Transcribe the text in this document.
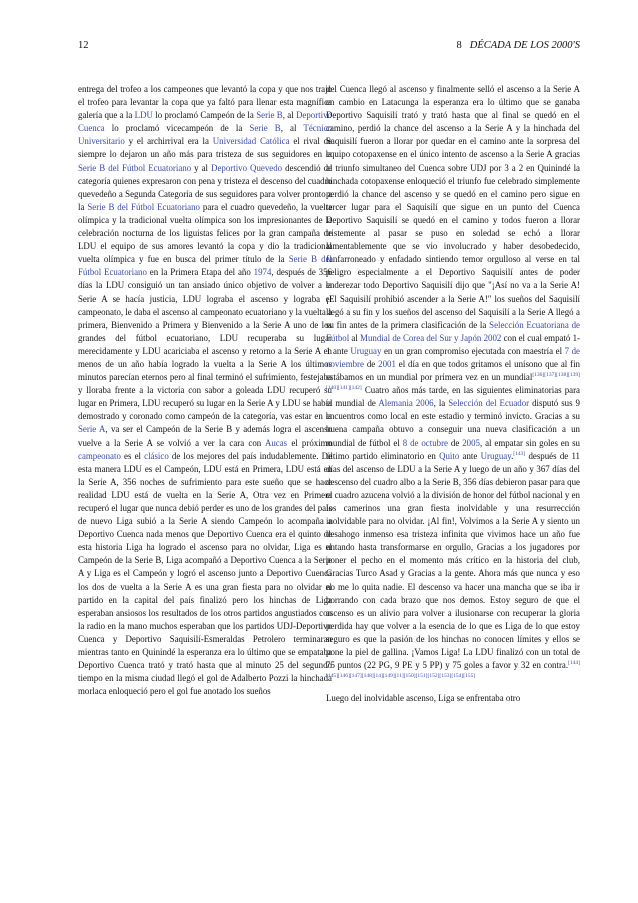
12	8 DÉCADA DE LOS 2000'S

entrega del trofeo a los campeones que levantó la copa y que nos trajo el trofeo para levantar la copa que ya faltó para llenar esta magnífica galería que a la LDU lo proclamó Campeón de la Serie B, al Deportivo Cuenca lo proclamó vicecampeón de la Serie B, al Técnico Universitario y el archirrival era la Universidad Católica el rival de siempre lo dejaron un año más para tristeza de sus seguidores en la Serie B del Fútbol Ecuatoriano y al Deportivo Quevedo descendió de categoría quienes expresaron con pena y tristeza el descenso del cuadro quevedeño a Segunda Categoría de sus seguidores para volver pronto a la Serie B del Fútbol Ecuatoriano para el cuadro quevedeño, la vuelta olímpica y la tradicional vuelta olímpica son los impresionantes de la celebración nocturna de los liguistas felices por la gran campaña de LDU el equipo de sus amores levantó la copa y dio la tradicional vuelta olímpica y fue en busca del primer título de la Serie B del Fútbol Ecuatoriano en la Primera Etapa del año 1974, después de 356 días la LDU consiguió un tan ansiado único objetivo de volver a la Serie A se hacía justicia, LDU lograba el ascenso y lograba el campeonato, le daba el ascenso al campeonato ecuatoriano y la vuelta a primera, Bienvenido a Primera y Bienvenido a la Serie A uno de los grandes del fútbol ecuatoriano, LDU recuperaba su lugar merecidamente y LDU acariciaba el ascenso y retorno a la Serie A en menos de un año había logrado la vuelta a la Serie A los últimos minutos parecían eternos pero al final terminó el sufrimiento, festejaba y lloraba frente a la victoria con sabor a goleada LDU recuperó su lugar en Primera, LDU recuperó su lugar en la Serie A y LDU se había demostrado y coronado como campeón de la categoría, vas estar en la Serie A, va ser el Campeón de la Serie B y además logra el ascenso vuelve a la Serie A se volvió a ver la cara con Aucas el próximo campeonato es el clásico de los mejores del país indudablemente. De esta manera LDU es el Campeón, LDU está en Primera, LDU está en la Serie A, 356 noches de sufrimiento para este sueño que se hace realidad LDU está de vuelta en la Serie A, Otra vez en Primera recuperó el lugar que nunca debió perder es uno de los grandes del país de nuevo Liga subió a la Serie A siendo Campeón lo acompaña a Deportivo Cuenca nada menos que Deportivo Cuenca era el quinto de esta historia Liga ha logrado el ascenso para no olvidar, Liga es el Campeón de la Serie B, Liga acompañó a Deportivo Cuenca a la Serie A y Liga es el Campeón y logró el ascenso junto a Deportivo Cuenca los dos de vuelta a la Serie A es una gran fiesta para no olvidar el partido en la capital del país finalizó pero los hinchas de Liga esperaban ansiosos los resultados de los otros partidos angustiados con la radio en la mano muchos esperaban que los partidos UDJ-Deportivo Cuenca y Deportivo Saquisilí-Esmeraldas Petrolero terminaran mientras tanto en Quinindé la esperanza era lo último que se empataba Deportivo Cuenca trató y trató hasta que al minuto 25 del segundo tiempo en la misma ciudad llegó el gol de Adalberto Pozzi la hinchada morlaca enloqueció pero el gol fue anotado los sueños

del Cuenca llegó al ascenso y finalmente selló el ascenso a la Serie A en cambio en Latacunga la esperanza era lo último que se ganaba Deportivo Saquisilí trató y trató hasta que al final se quedó en el camino, perdió la chance del ascenso a la Serie A y la hinchada del Saquisilí fueron a llorar por quedar en el camino ante la sorpresa del equipo cotopaxense en el único intento de ascenso a la Serie A gracias al triunfo simultaneo del Cuenca sobre UDJ por 3 a 2 en Quinindé la hinchada cotopaxense enloqueció el triunfo fue celebrado simplemente perdió la chance del ascenso y se quedó en el camino pero sigue en tercer lugar para el Saquisilí que sigue en un punto del Cuenca Deportivo Saquisilí se quedó en el camino y todos fueron a llorar tristemente al pasar se puso en soledad se echó a llorar lamentablemente que se vio involucrado y haber desobedecido, fanfarroneado y enfadado sintiendo temor orgulloso al verse en tal peligro especialmente a el Deportivo Saquisilí antes de poder enderezar todo Deportivo Saquisilí dijo que "¡Así no va a la Serie A! ¡El Saquisilí prohibió ascender a la Serie A!" los sueños del Saquisilí llegó a su fin y los sueños del ascenso del Saquisilí a la Serie A llegó a su fin antes de la primera clasificación de la Selección Ecuatoriana de Fútbol al Mundial de Corea del Sur y Japón 2002 con el cual empató 1-1 ante Uruguay en un gran compromiso ejecutada con maestría el 7 de noviembre de 2001 el día en que todos gritamos el unísono que al fin estábamos en un mundial por primera vez en un mundial[136][137][138][139][140][141][142] Cuatro años más tarde, en las siguientes eliminatorias para el mundial de Alemania 2006, la Selección del Ecuador disputó sus 9 encuentros como local en este estadio y terminó invicto. Gracias a su buena campaña obtuvo a conseguir una nueva clasificación a un mundial de fútbol el 8 de octubre de 2005, al empatar sin goles en su último partido eliminatorio en Quito ante Uruguay.[143] después de 11 días del ascenso de LDU a la Serie A y luego de un año y 367 días del descenso del cuadro albo a la Serie B, 356 días debieron pasar para que el cuadro azucena volvió a la división de honor del fútbol nacional y en los camerinos una gran fiesta inolvidable y una resurrección inolvidable para no olvidar. ¡Al fin!, Volvimos a la Serie A y siento un desahogo inmenso esa tristeza infinita que vivimos hace un año fue untando hasta transformarse en orgullo, Gracias a los jugadores por poner el pecho en el momento más crítico en la historia del club, Gracias Turco Asad y Gracias a la gente. Ahora más que nunca y eso no me lo quita nadie. El descenso va hacer una mancha que se iba ir borrando con cada brazo que nos demos. Estoy seguro de que el ascenso es un alivio para volver a ilusionarse con recuperar la gloria perdida hay que volver a la esencia de lo que es Liga de lo que estoy seguro es que la pasión de los hinchas no conocen límites y ellos se pone la piel de gallina. ¡Vamos Liga! La LDU finalizó con un total de 75 puntos (22 PG, 9 PE y 5 PP) y 75 goles a favor y 32 en contra.[144][145][146][147][148][14][149][11][150][151][152][153][154][155]

Luego del inolvidable ascenso, Liga se enfrentaba otro
